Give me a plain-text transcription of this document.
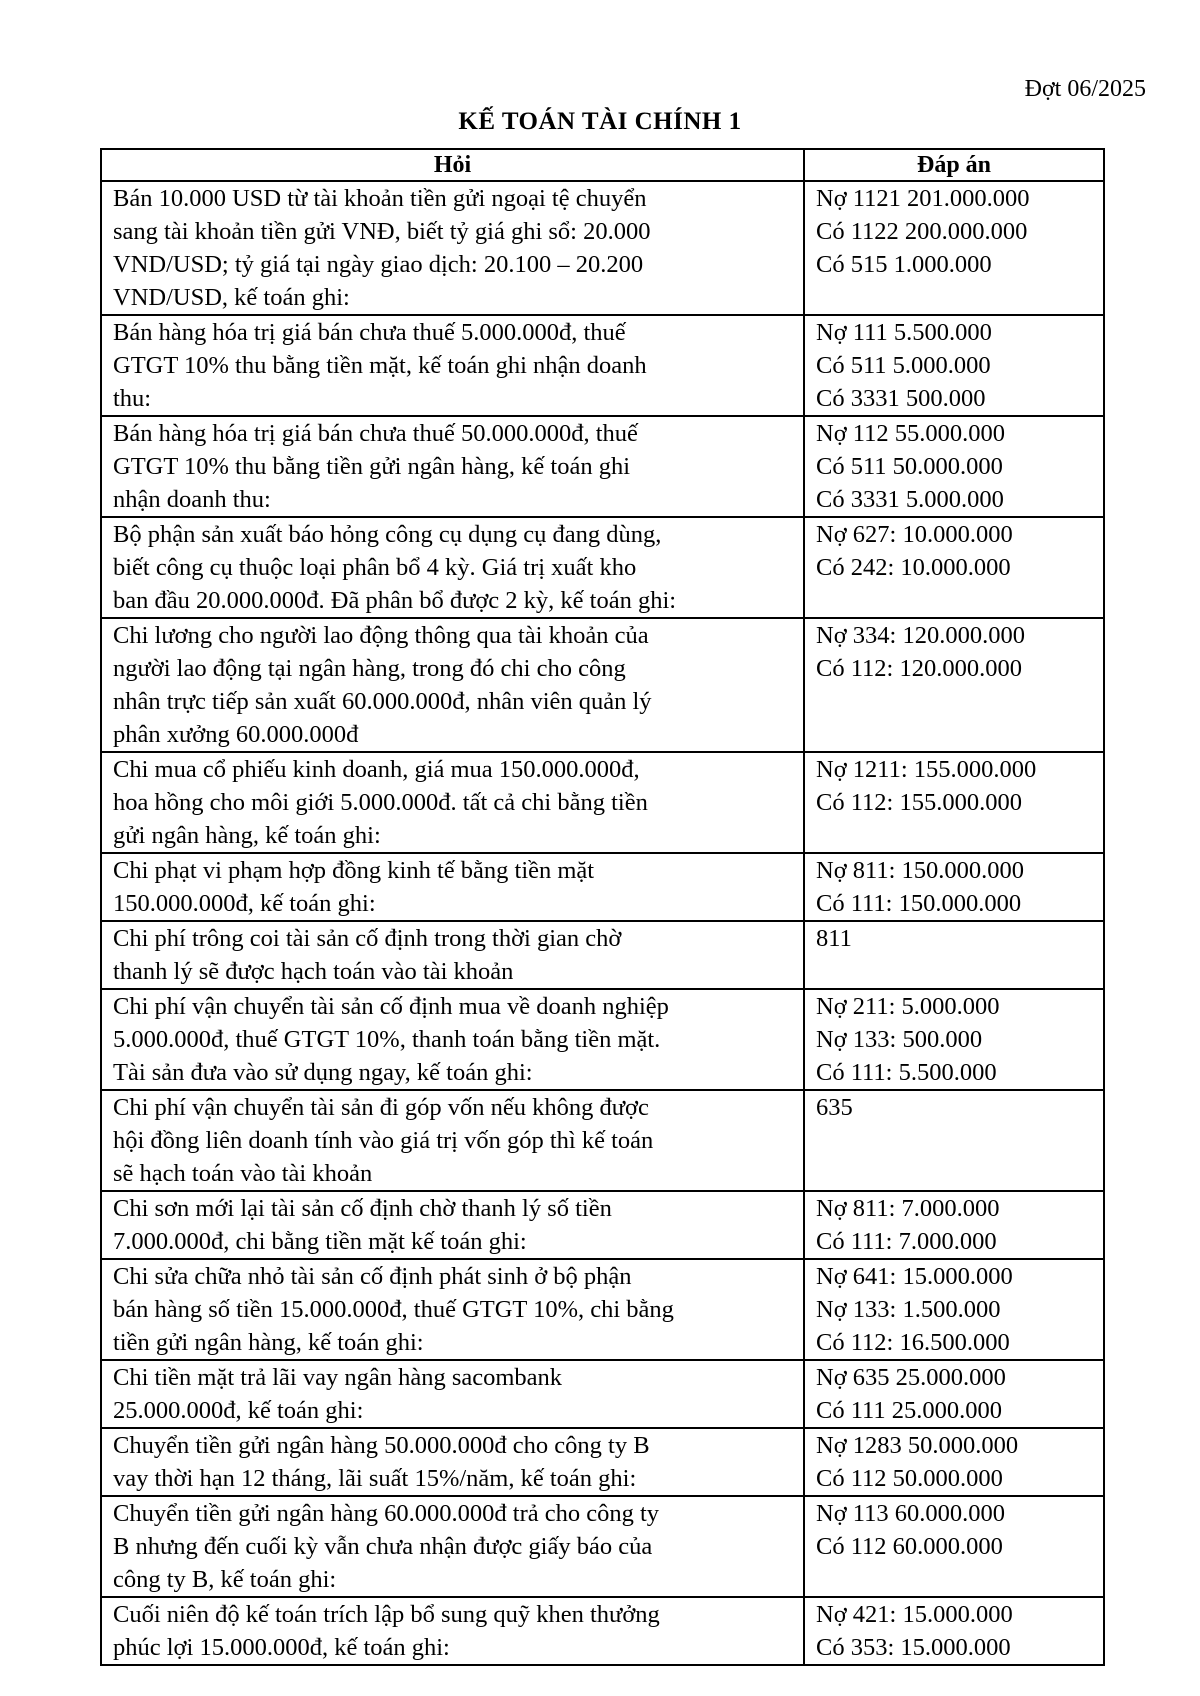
Đợt 06/2025
KẾ TOÁN TÀI CHÍNH 1
Hỏi	Đáp án

Bán 10.000 USD từ tài khoản tiền gửi ngoại tệ chuyển
sang tài khoản tiền gửi VNĐ, biết tỷ giá ghi sổ: 20.000
VND/USD; tỷ giá tại ngày giao dịch: 20.100 – 20.200
VND/USD, kế toán ghi:	Nợ 1121 201.000.000
Có 1122 200.000.000
Có 515 1.000.000

Bán hàng hóa trị giá bán chưa thuế 5.000.000đ, thuế
GTGT 10% thu bằng tiền mặt, kế toán ghi nhận doanh
thu:	Nợ 111 5.500.000
Có 511 5.000.000
Có 3331 500.000

Bán hàng hóa trị giá bán chưa thuế 50.000.000đ, thuế
GTGT 10% thu bằng tiền gửi ngân hàng, kế toán ghi
nhận doanh thu:	Nợ 112 55.000.000
Có 511 50.000.000
Có 3331 5.000.000

Bộ phận sản xuất báo hỏng công cụ dụng cụ đang dùng,
biết công cụ thuộc loại phân bổ 4 kỳ. Giá trị xuất kho
ban đầu 20.000.000đ. Đã phân bổ được 2 kỳ, kế toán ghi:	Nợ 627: 10.000.000
Có 242: 10.000.000

Chi lương cho người lao động thông qua tài khoản của
người lao động tại ngân hàng, trong đó chi cho công
nhân trực tiếp sản xuất 60.000.000đ, nhân viên quản lý
phân xưởng 60.000.000đ	Nợ 334: 120.000.000
Có 112: 120.000.000

Chi mua cổ phiếu kinh doanh, giá mua 150.000.000đ,
hoa hồng cho môi giới 5.000.000đ. tất cả chi bằng tiền
gửi ngân hàng, kế toán ghi:	Nợ 1211: 155.000.000
Có 112: 155.000.000

Chi phạt vi phạm hợp đồng kinh tế bằng tiền mặt
150.000.000đ, kế toán ghi:	Nợ 811: 150.000.000
Có 111: 150.000.000

Chi phí trông coi tài sản cố định trong thời gian chờ
thanh lý sẽ được hạch toán vào tài khoản	811

Chi phí vận chuyển tài sản cố định mua về doanh nghiệp
5.000.000đ, thuế GTGT 10%, thanh toán bằng tiền mặt.
Tài sản đưa vào sử dụng ngay, kế toán ghi:	Nợ 211: 5.000.000
Nợ 133: 500.000
Có 111: 5.500.000

Chi phí vận chuyển tài sản đi góp vốn nếu không được
hội đồng liên doanh tính vào giá trị vốn góp thì kế toán
sẽ hạch toán vào tài khoản	635

Chi sơn mới lại tài sản cố định chờ thanh lý số tiền
7.000.000đ, chi bằng tiền mặt kế toán ghi:	Nợ 811: 7.000.000
Có 111: 7.000.000

Chi sửa chữa nhỏ tài sản cố định phát sinh ở bộ phận
bán hàng số tiền 15.000.000đ, thuế GTGT 10%, chi bằng
tiền gửi ngân hàng, kế toán ghi:	Nợ 641: 15.000.000
Nợ 133: 1.500.000
Có 112: 16.500.000

Chi tiền mặt trả lãi vay ngân hàng sacombank
25.000.000đ, kế toán ghi:	Nợ 635 25.000.000
Có 111 25.000.000

Chuyển tiền gửi ngân hàng 50.000.000đ cho công ty B
vay thời hạn 12 tháng, lãi suất 15%/năm, kế toán ghi:	Nợ 1283 50.000.000
Có 112 50.000.000

Chuyển tiền gửi ngân hàng 60.000.000đ trả cho công ty
B nhưng đến cuối kỳ vẫn chưa nhận được giấy báo của
công ty B, kế toán ghi:	Nợ 113 60.000.000
Có 112 60.000.000

Cuối niên độ kế toán trích lập bổ sung quỹ khen thưởng
phúc lợi 15.000.000đ, kế toán ghi:	Nợ 421: 15.000.000
Có 353: 15.000.000
